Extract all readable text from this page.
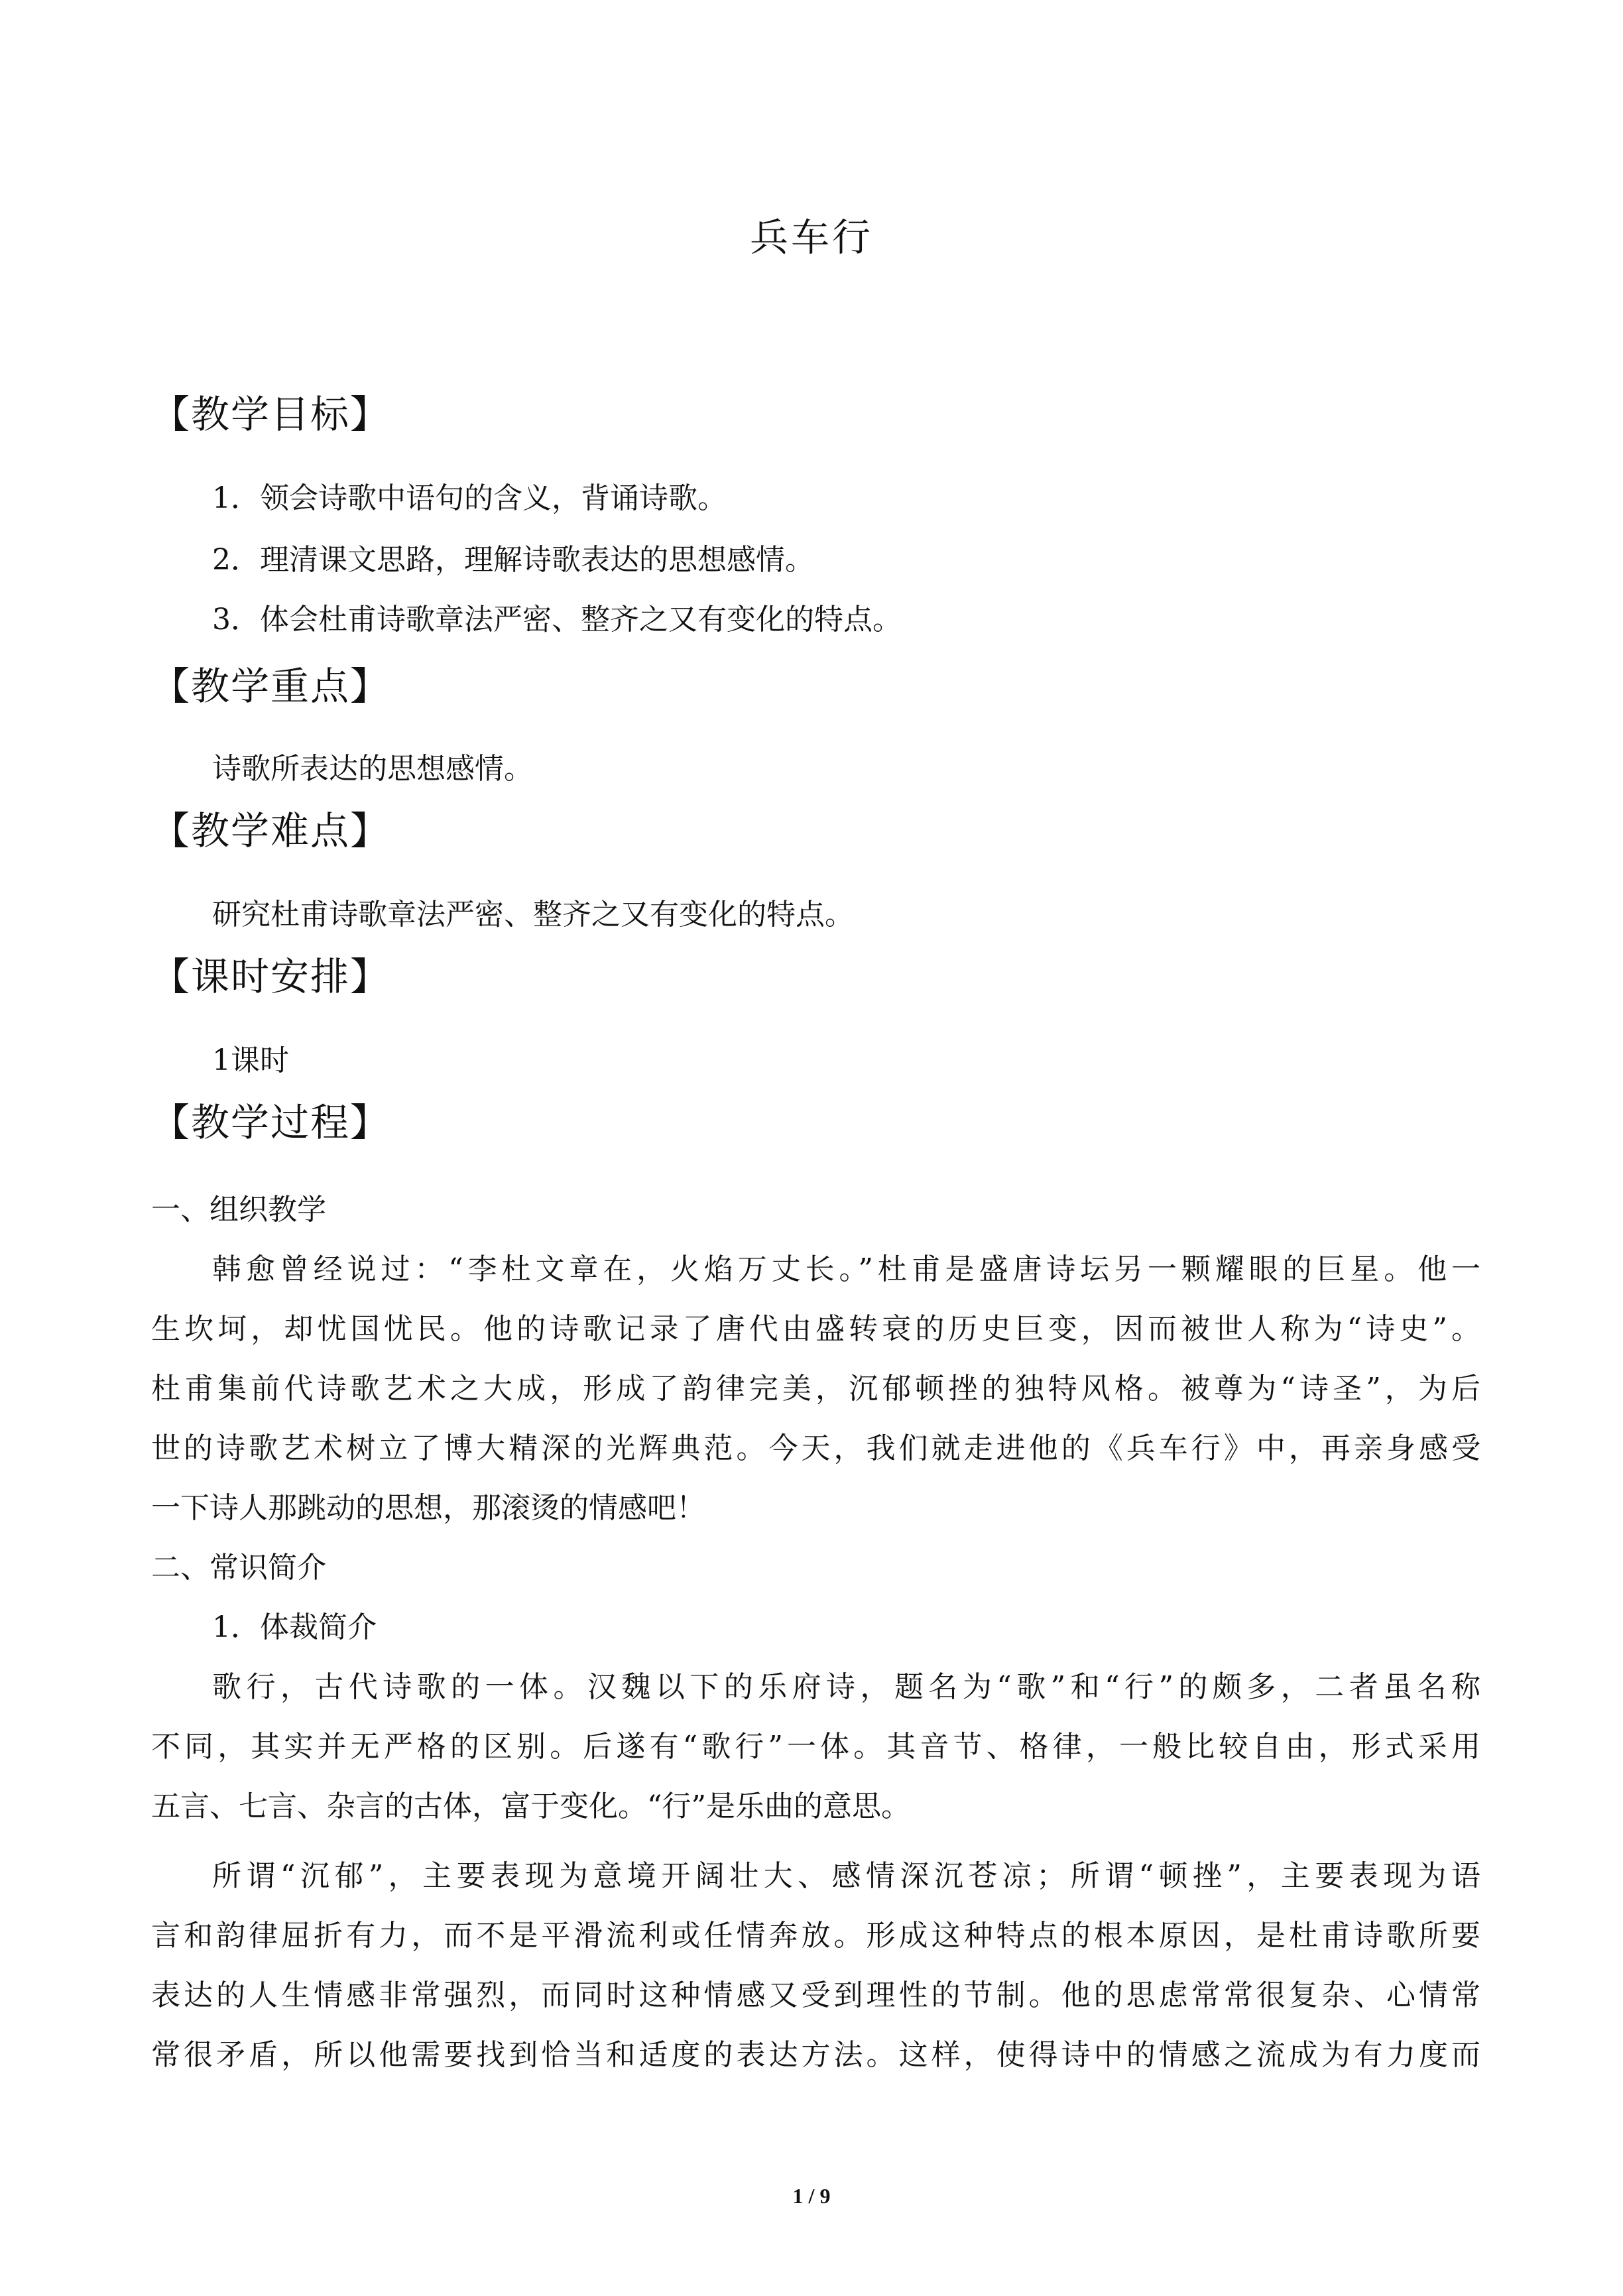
兵车行
【教学目标】
1．领会诗歌中语句的含义，背诵诗歌。
2．理清课文思路，理解诗歌表达的思想感情。
3．体会杜甫诗歌章法严密、整齐之又有变化的特点。
【教学重点】
诗歌所表达的思想感情。
【教学难点】
研究杜甫诗歌章法严密、整齐之又有变化的特点。
【课时安排】
1课时
【教学过程】
一、组织教学
韩愈曾经说过：“李杜文章在，火焰万丈长。”杜甫是盛唐诗坛另一颗耀眼的巨星。他一
生坎坷，却忧国忧民。他的诗歌记录了唐代由盛转衰的历史巨变，因而被世人称为“诗史”。
杜甫集前代诗歌艺术之大成，形成了韵律完美，沉郁顿挫的独特风格。被尊为“诗圣”，为后
世的诗歌艺术树立了博大精深的光辉典范。今天，我们就走进他的《兵车行》中，再亲身感受
一下诗人那跳动的思想，那滚烫的情感吧！
二、常识简介
1．体裁简介
歌行，古代诗歌的一体。汉魏以下的乐府诗，题名为“歌”和“行”的颇多，二者虽名称
不同，其实并无严格的区别。后遂有“歌行”一体。其音节、格律，一般比较自由，形式采用
五言、七言、杂言的古体，富于变化。“行”是乐曲的意思。
所谓“沉郁”，主要表现为意境开阔壮大、感情深沉苍凉；所谓“顿挫”，主要表现为语
言和韵律屈折有力，而不是平滑流利或任情奔放。形成这种特点的根本原因，是杜甫诗歌所要
表达的人生情感非常强烈，而同时这种情感又受到理性的节制。他的思虑常常很复杂、心情常
常很矛盾，所以他需要找到恰当和适度的表达方法。这样，使得诗中的情感之流成为有力度而
1 / 9
